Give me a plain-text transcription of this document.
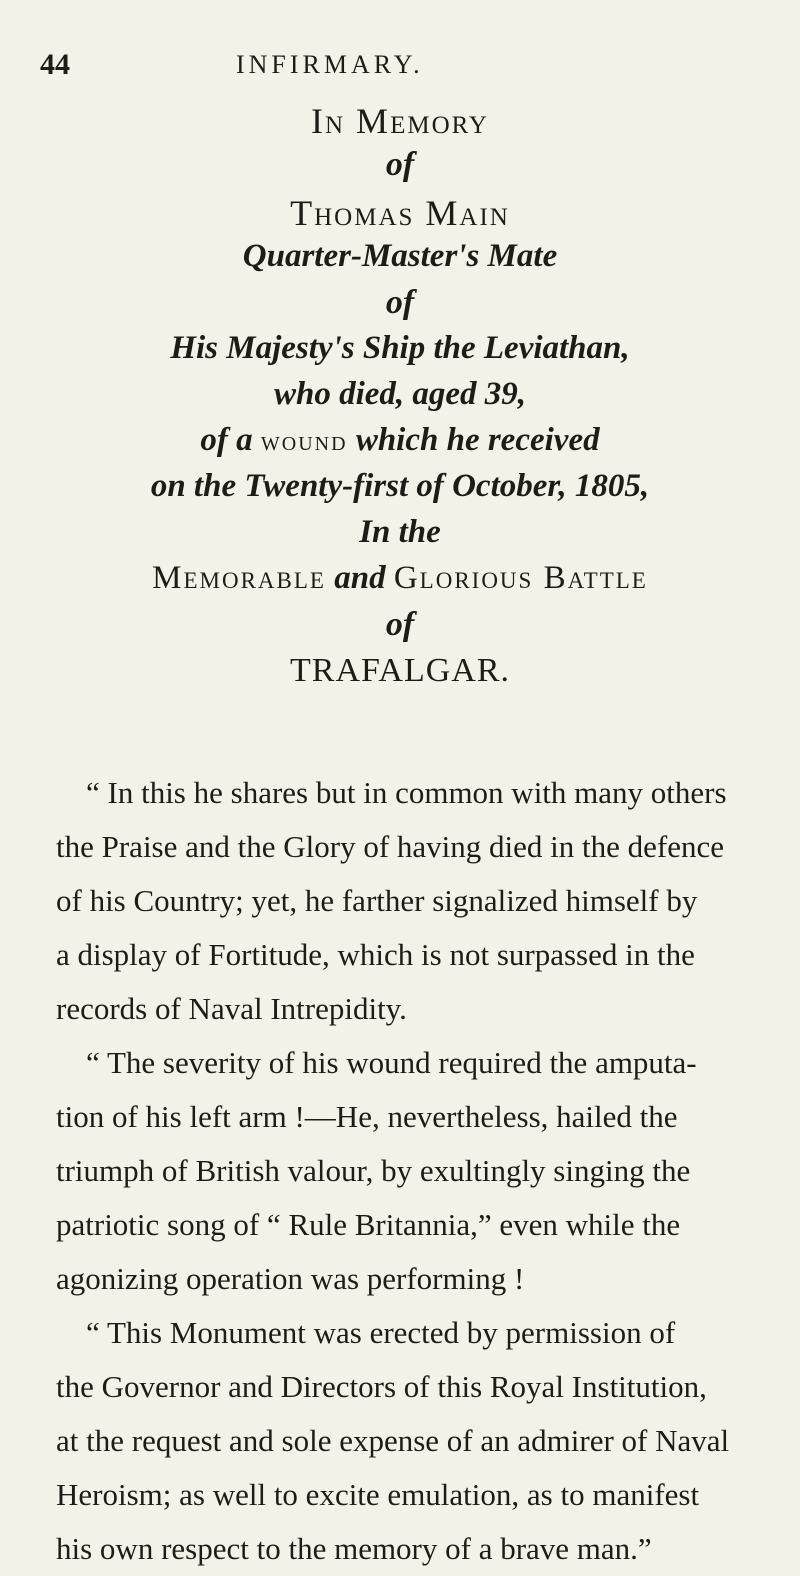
44	INFIRMARY.
In Memory
of
Thomas Main
Quarter-Master's Mate
of
His Majesty's Ship the Leviathan,
who died, aged 39,
of a wound which he received
on the Twenty-first of October, 1805,
In the
Memorable and Glorious Battle
of
TRAFALGAR.

“ In this he shares but in common with many others

the Praise and the Glory of having died in the defence

of his Country; yet, he farther signalized himself by

a display of Fortitude, which is not surpassed in the

records of Naval Intrepidity.

“ The severity of his wound required the amputa-

tion of his left arm !—He, nevertheless, hailed the

triumph of British valour, by exultingly singing the

patriotic song of “ Rule Britannia,” even while the

agonizing operation was performing !

“ This Monument was erected by permission of

the Governor and Directors of this Royal Institution,

at the request and sole expense of an admirer of Naval

Heroism; as well to excite emulation, as to manifest

his own respect to the memory of a brave man.”
